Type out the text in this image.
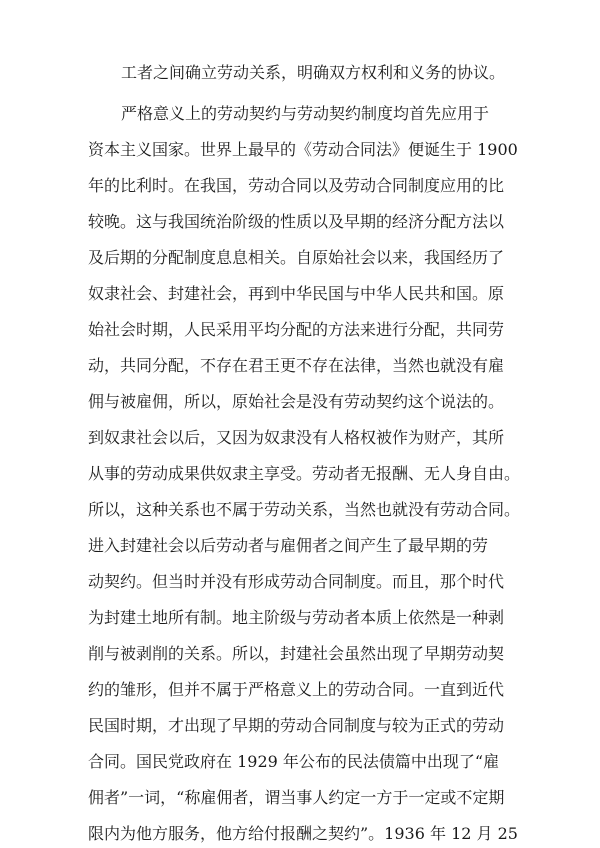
工者之间确立劳动关系，明确双方权利和义务的协议。
严格意义上的劳动契约与劳动契约制度均首先应用于
资本主义国家。世界上最早的《劳动合同法》便诞生于 1900
年的比利时。在我国，劳动合同以及劳动合同制度应用的比
较晚。这与我国统治阶级的性质以及早期的经济分配方法以
及后期的分配制度息息相关。自原始社会以来，我国经历了
奴隶社会、封建社会，再到中华民国与中华人民共和国。原
始社会时期，人民采用平均分配的方法来进行分配，共同劳
动，共同分配，不存在君王更不存在法律，当然也就没有雇
佣与被雇佣，所以，原始社会是没有劳动契约这个说法的。
到奴隶社会以后，又因为奴隶没有人格权被作为财产，其所
从事的劳动成果供奴隶主享受。劳动者无报酬、无人身自由。
所以，这种关系也不属于劳动关系，当然也就没有劳动合同。
进入封建社会以后劳动者与雇佣者之间产生了最早期的劳
动契约。但当时并没有形成劳动合同制度。而且，那个时代
为封建土地所有制。地主阶级与劳动者本质上依然是一种剥
削与被剥削的关系。所以，封建社会虽然出现了早期劳动契
约的雏形，但并不属于严格意义上的劳动合同。一直到近代
民国时期，才出现了早期的劳动合同制度与较为正式的劳动
合同。国民党政府在 1929 年公布的民法债篇中出现了“雇
佣者”一词，“称雇佣者，谓当事人约定一方于一定或不定期
限内为他方服务，他方给付报酬之契约”。1936 年 12 月 25
